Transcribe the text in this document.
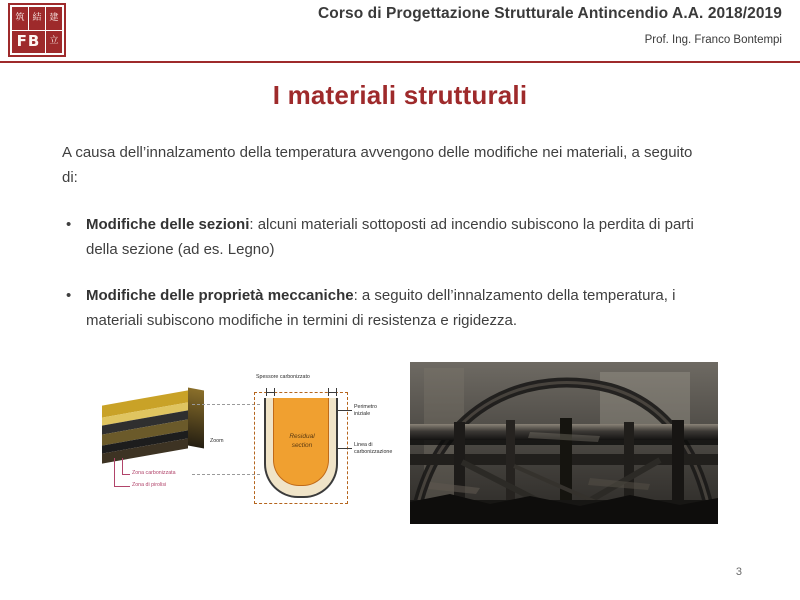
筑 結 建
FB	立
Corso di Progettazione Strutturale Antincendio A.A. 2018/2019
Prof. Ing. Franco Bontempi
I materiali strutturali
A causa dell’innalzamento della temperatura avvengono delle modifiche nei materiali, a seguito di:
• Modifiche delle sezioni: alcuni materiali sottoposti ad incendio subiscono la perdita di parti della sezione (ad es. Legno)
• Modifiche delle proprietà meccaniche: a seguito dell’innalzamento della temperatura, i materiali subiscono modifiche in termini di resistenza e rigidezza.
Zona carbonizzata
Zona di pirolisi
Zoom
Spessore carbonizzato
Residual
section
Perimetro
iniziale
Linea di
carbonizzazione
3
